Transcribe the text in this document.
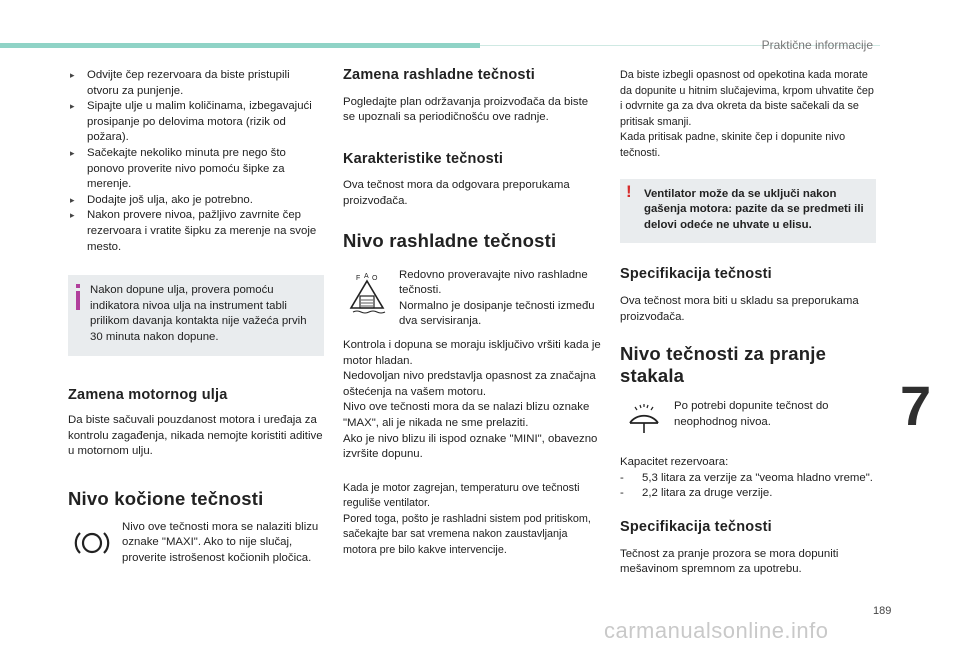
Praktične informacije
▸ Odvijte čep rezervoara da biste pristupili otvoru za punjenje.
▸ Sipajte ulje u malim količinama, izbegavajući prosipanje po delovima motora (rizik od požara).
▸ Sačekajte nekoliko minuta pre nego što ponovo proverite nivo pomoću šipke za merenje.
▸ Dodajte još ulja, ako je potrebno.
▸ Nakon provere nivoa, pažljivo zavrnite čep rezervoara i vratite šipku za merenje na svoje mesto.
Nakon dopune ulja, provera pomoću indikatora nivoa ulja na instrument tabli prilikom davanja kontakta nije važeća prvih 30 minuta nakon dopune.
Zamena motornog ulja

Da biste sačuvali pouzdanost motora i uređaja za kontrolu zagađenja, nikada nemojte koristiti aditive u motornom ulju.

Nivo kočione tečnosti
Nivo ove tečnosti mora se nalaziti blizu oznake "MAXI". Ako to nije slučaj, proverite istrošenost kočionih pločica.
Zamena rashladne tečnosti

Pogledajte plan održavanja proizvođača da biste se upoznali sa periodičnošću ove radnje.

Karakteristike tečnosti

Ova tečnost mora da odgovara preporukama proizvođača.

Nivo rashladne tečnosti
F A O	Redovno proveravajte nivo rashladne tečnosti.
Normalno je dosipanje tečnosti između dva servisiranja.

Kontrola i dopuna se moraju isključivo vršiti kada je motor hladan.
Nedovoljan nivo predstavlja opasnost za značajna oštećenja na vašem motoru.
Nivo ove tečnosti mora da se nalazi blizu oznake "MAX", ali je nikada ne sme prelaziti.
Ako je nivo blizu ili ispod oznake "MINI", obavezno izvršite dopunu.

Kada je motor zagrejan, temperaturu ove tečnosti reguliše ventilator.
Pored toga, pošto je rashladni sistem pod pritiskom, sačekajte bar sat vremena nakon zaustavljanja motora pre bilo kakve intervencije.

Da biste izbegli opasnost od opekotina kada morate da dopunite u hitnim slučajevima, krpom uhvatite čep i odvrnite ga za dva okreta da biste sačekali da se pritisak smanji.
Kada pritisak padne, skinite čep i dopunite nivo tečnosti.

! Ventilator može da se uključi nakon gašenja motora: pazite da se predmeti ili delovi odeće ne uhvate u elisu.
Specifikacija tečnosti

Ova tečnost mora biti u skladu sa preporukama proizvođača.

Nivo tečnosti za pranje stakala
Po potrebi dopunite tečnost do neophodnog nivoa.

Kapacitet rezervoara:

- 5,3 litara za verzije za "veoma hladno vreme".
- 2,2 litara za druge verzije.
Specifikacija tečnosti

Tečnost za pranje prozora se mora dopuniti mešavinom spremnom za upotrebu.

7
189
carmanualsonline.info
